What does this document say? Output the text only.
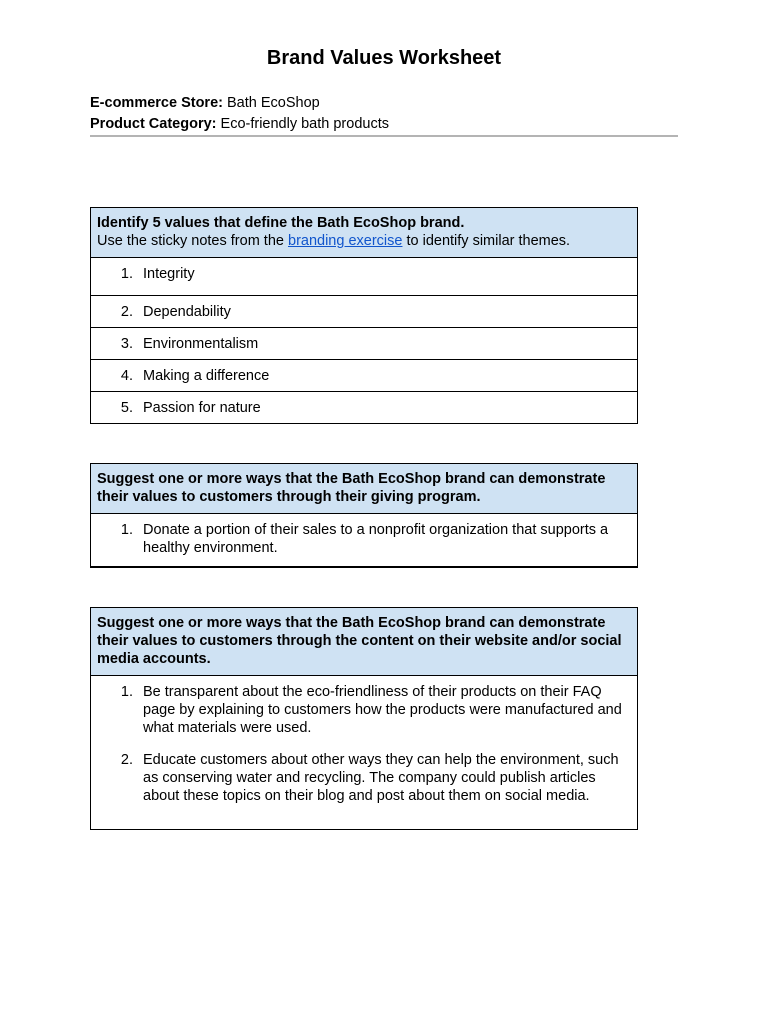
Brand Values Worksheet
E-commerce Store: Bath EcoShop
Product Category: Eco-friendly bath products
Identify 5 values that define the Bath EcoShop brand.
Use the sticky notes from the branding exercise to identify similar themes.
1. Integrity
2. Dependability
3. Environmentalism
4. Making a difference
5. Passion for nature
Suggest one or more ways that the Bath EcoShop brand can demonstrate their values to customers through their giving program.
1. Donate a portion of their sales to a nonprofit organization that supports a healthy environment.
Suggest one or more ways that the Bath EcoShop brand can demonstrate their values to customers through the content on their website and/or social media accounts.
1. Be transparent about the eco-friendliness of their products on their FAQ page by explaining to customers how the products were manufactured and what materials were used.
2. Educate customers about other ways they can help the environment, such as conserving water and recycling. The company could publish articles about these topics on their blog and post about them on social media.
